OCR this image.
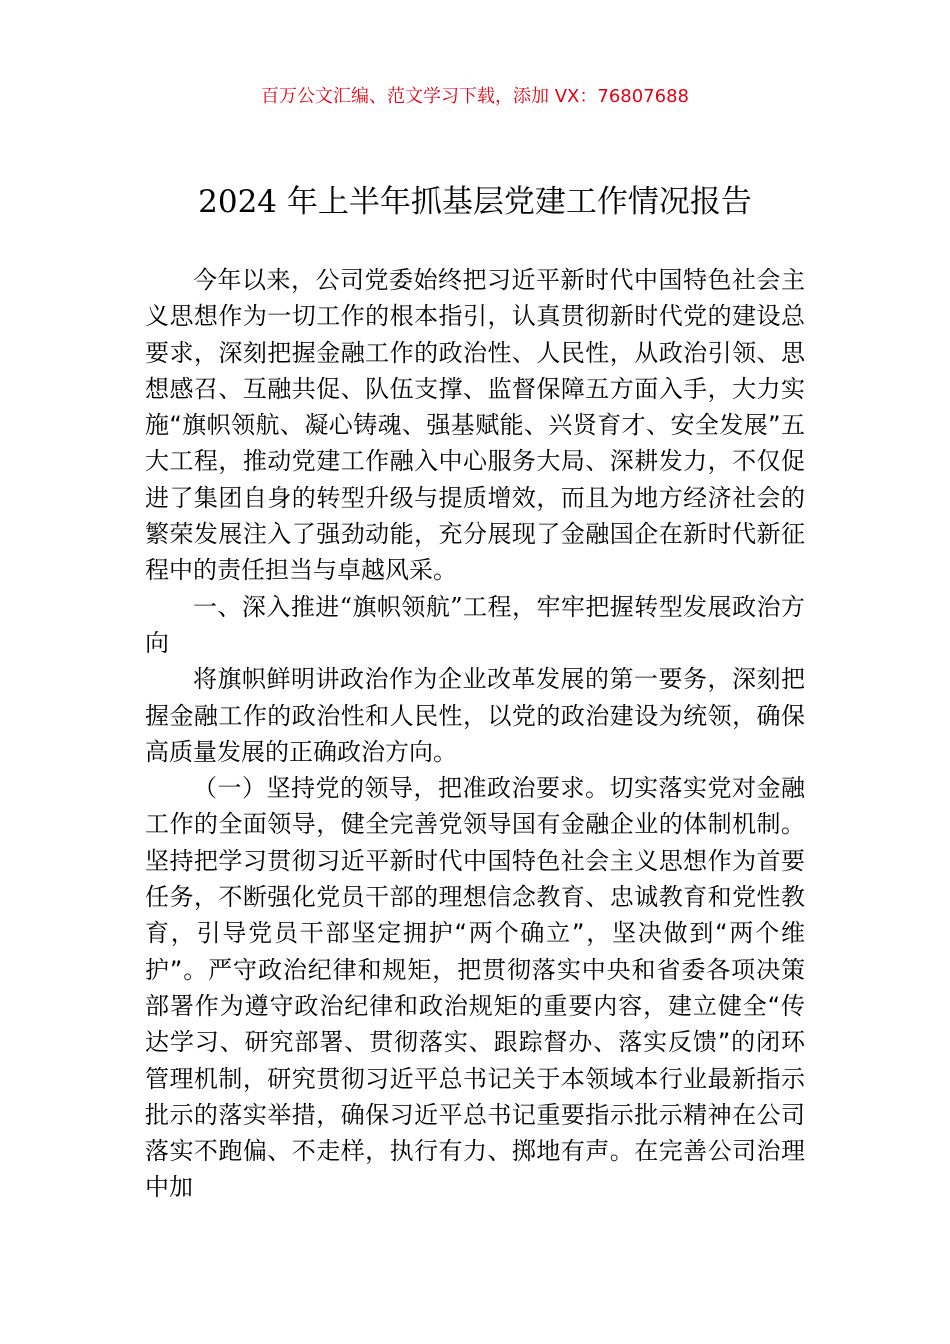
百万公文汇编、范文学习下载，添加 VX：76807688
2024 年上半年抓基层党建工作情况报告

今年以来，公司党委始终把习近平新时代中国特色社会主义思想作为一切工作的根本指引，认真贯彻新时代党的建设总要求，深刻把握金融工作的政治性、人民性，从政治引领、思想感召、互融共促、队伍支撑、监督保障五方面入手，大力实施“旗帜领航、凝心铸魂、强基赋能、兴贤育才、安全发展”五大工程，推动党建工作融入中心服务大局、深耕发力，不仅促进了集团自身的转型升级与提质增效，而且为地方经济社会的繁荣发展注入了强劲动能，充分展现了金融国企在新时代新征程中的责任担当与卓越风采。

一、深入推进“旗帜领航”工程，牢牢把握转型发展政治方向

将旗帜鲜明讲政治作为企业改革发展的第一要务，深刻把握金融工作的政治性和人民性，以党的政治建设为统领，确保高质量发展的正确政治方向。

（一）坚持党的领导，把准政治要求。切实落实党对金融工作的全面领导，健全完善党领导国有金融企业的体制机制。坚持把学习贯彻习近平新时代中国特色社会主义思想作为首要任务，不断强化党员干部的理想信念教育、忠诚教育和党性教育，引导党员干部坚定拥护“两个确立”，坚决做到“两个维护”。严守政治纪律和规矩，把贯彻落实中央和省委各项决策部署作为遵守政治纪律和政治规矩的重要内容，建立健全“传达学习、研究部署、贯彻落实、跟踪督办、落实反馈”的闭环管理机制，研究贯彻习近平总书记关于本领域本行业最新指示批示的落实举措，确保习近平总书记重要指示批示精神在公司落实不跑偏、不走样，执行有力、掷地有声。在完善公司治理中加
